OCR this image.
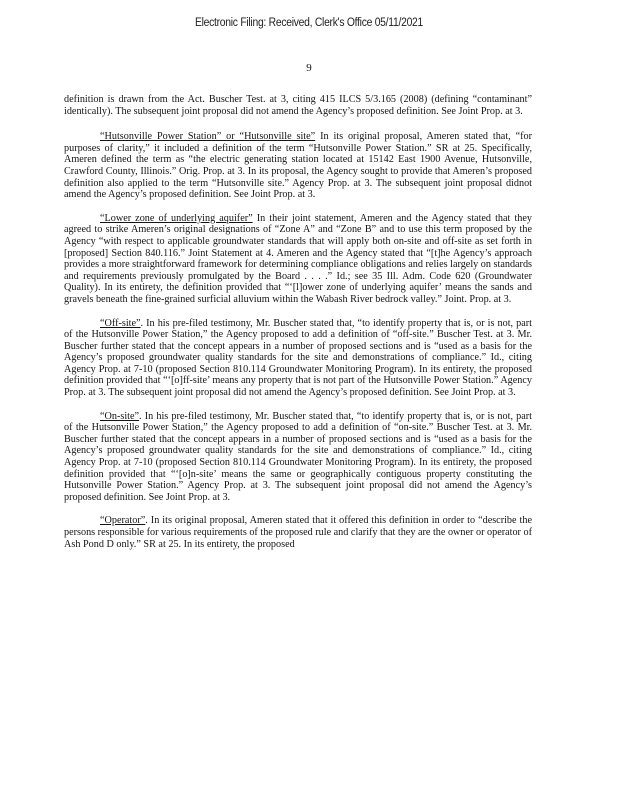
Electronic Filing: Received, Clerk's Office 05/11/2021
9

definition is drawn from the Act. Buscher Test. at 3, citing 415 ILCS 5/3.165 (2008) (defining “contaminant” identically). The subsequent joint proposal did not amend the Agency’s proposed definition. See Joint Prop. at 3.

“Hutsonville Power Station” or “Hutsonville site” In its original proposal, Ameren stated that, “for purposes of clarity,” it included a definition of the term “Hutsonville Power Station.” SR at 25. Specifically, Ameren defined the term as “the electric generating station located at 15142 East 1900 Avenue, Hutsonville, Crawford County, Illinois.” Orig. Prop. at 3. In its proposal, the Agency sought to provide that Ameren’s proposed definition also applied to the term “Hutsonville site.” Agency Prop. at 3. The subsequent joint proposal didnot amend the Agency’s proposed definition. See Joint Prop. at 3.

“Lower zone of underlying aquifer” In their joint statement, Ameren and the Agency stated that they agreed to strike Ameren’s original designations of “Zone A” and “Zone B” and to use this term proposed by the Agency “with respect to applicable groundwater standards that will apply both on-site and off-site as set forth in [proposed] Section 840.116.” Joint Statement at 4. Ameren and the Agency stated that “[t]he Agency’s approach provides a more straightforward framework for determining compliance obligations and relies largely on standards and requirements previously promulgated by the Board . . . .” Id.; see 35 Ill. Adm. Code 620 (Groundwater Quality). In its entirety, the definition provided that “‘[l]ower zone of underlying aquifer’ means the sands and gravels beneath the fine-grained surficial alluvium within the Wabash River bedrock valley.” Joint. Prop. at 3.

“Off-site”. In his pre-filed testimony, Mr. Buscher stated that, “to identify property that is, or is not, part of the Hutsonville Power Station,” the Agency proposed to add a definition of “off-site.” Buscher Test. at 3. Mr. Buscher further stated that the concept appears in a number of proposed sections and is “used as a basis for the Agency’s proposed groundwater quality standards for the site and demonstrations of compliance.” Id., citing Agency Prop. at 7-10 (proposed Section 810.114 Groundwater Monitoring Program). In its entirety, the proposed definition provided that “‘[o]ff-site’ means any property that is not part of the Hutsonville Power Station.” Agency Prop. at 3. The subsequent joint proposal did not amend the Agency’s proposed definition. See Joint Prop. at 3.

“On-site”. In his pre-filed testimony, Mr. Buscher stated that, “to identify property that is, or is not, part of the Hutsonville Power Station,” the Agency proposed to add a definition of “on-site.” Buscher Test. at 3. Mr. Buscher further stated that the concept appears in a number of proposed sections and is “used as a basis for the Agency’s proposed groundwater quality standards for the site and demonstrations of compliance.” Id., citing Agency Prop. at 7-10 (proposed Section 810.114 Groundwater Monitoring Program). In its entirety, the proposed definition provided that “‘[o]n-site’ means the same or geographically contiguous property constituting the Hutsonville Power Station.” Agency Prop. at 3. The subsequent joint proposal did not amend the Agency’s proposed definition. See Joint Prop. at 3.

“Operator”. In its original proposal, Ameren stated that it offered this definition in order to “describe the persons responsible for various requirements of the proposed rule and clarify that they are the owner or operator of Ash Pond D only.” SR at 25. In its entirety, the proposed
